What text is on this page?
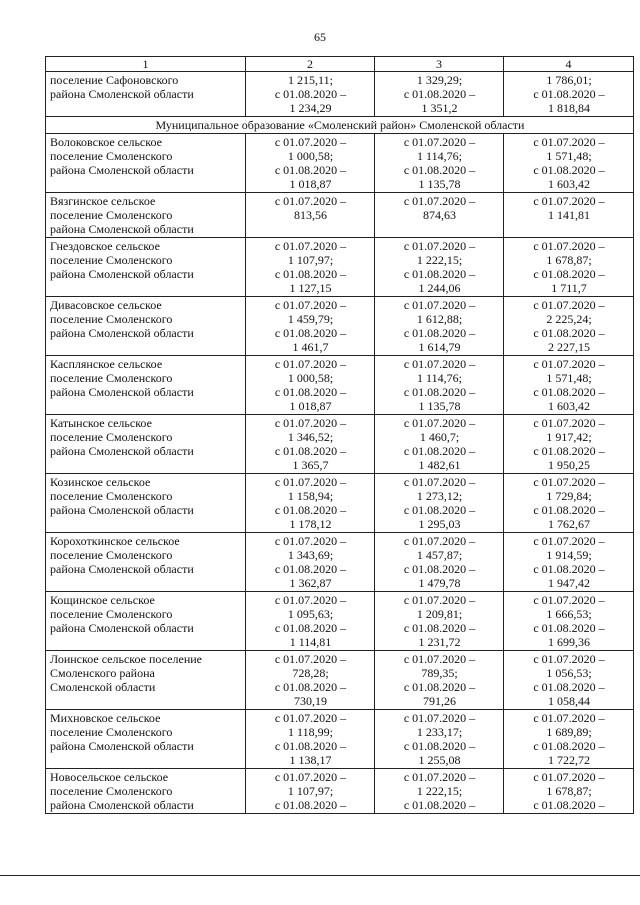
65
1	2	3	4

поселение Сафоновского
района Смоленской области	1 215,11;
с 01.08.2020 –
1 234,29	1 329,29;
с 01.08.2020 –
1 351,2	1 786,01;
с 01.08.2020 –
1 818,84

Муниципальное образование «Смоленский район» Смоленской области			

Волоковское сельское
поселение Смоленского
района Смоленской области	с 01.07.2020 –
1 000,58;
с 01.08.2020 –
1 018,87	с 01.07.2020 –
1 114,76;
с 01.08.2020 –
1 135,78	с 01.07.2020 –
1 571,48;
с 01.08.2020 –
1 603,42

Вязгинское сельское
поселение Смоленского
района Смоленской области	с 01.07.2020 –
813,56	с 01.07.2020 –
874,63	с 01.07.2020 –
1 141,81

Гнездовское сельское
поселение Смоленского
района Смоленской области	с 01.07.2020 –
1 107,97;
с 01.08.2020 –
1 127,15	с 01.07.2020 –
1 222,15;
с 01.08.2020 –
1 244,06	с 01.07.2020 –
1 678,87;
с 01.08.2020 –
1 711,7

Дивасовское сельское
поселение Смоленского
района Смоленской области	с 01.07.2020 –
1 459,79;
с 01.08.2020 –
1 461,7	с 01.07.2020 –
1 612,88;
с 01.08.2020 –
1 614,79	с 01.07.2020 –
2 225,24;
с 01.08.2020 –
2 227,15

Касплянское сельское
поселение Смоленского
района Смоленской области	с 01.07.2020 –
1 000,58;
с 01.08.2020 –
1 018,87	с 01.07.2020 –
1 114,76;
с 01.08.2020 –
1 135,78	с 01.07.2020 –
1 571,48;
с 01.08.2020 –
1 603,42

Катынское сельское
поселение Смоленского
района Смоленской области	с 01.07.2020 –
1 346,52;
с 01.08.2020 –
1 365,7	с 01.07.2020 –
1 460,7;
с 01.08.2020 –
1 482,61	с 01.07.2020 –
1 917,42;
с 01.08.2020 –
1 950,25

Козинское сельское
поселение Смоленского
района Смоленской области	с 01.07.2020 –
1 158,94;
с 01.08.2020 –
1 178,12	с 01.07.2020 –
1 273,12;
с 01.08.2020 –
1 295,03	с 01.07.2020 –
1 729,84;
с 01.08.2020 –
1 762,67

Корохоткинское сельское
поселение Смоленского
района Смоленской области	с 01.07.2020 –
1 343,69;
с 01.08.2020 –
1 362,87	с 01.07.2020 –
1 457,87;
с 01.08.2020 –
1 479,78	с 01.07.2020 –
1 914,59;
с 01.08.2020 –
1 947,42

Кощинское сельское
поселение Смоленского
района Смоленской области	с 01.07.2020 –
1 095,63;
с 01.08.2020 –
1 114,81	с 01.07.2020 –
1 209,81;
с 01.08.2020 –
1 231,72	с 01.07.2020 –
1 666,53;
с 01.08.2020 –
1 699,36

Лоинское сельское поселение
Смоленского района
Смоленской области	с 01.07.2020 –
728,28;
с 01.08.2020 –
730,19	с 01.07.2020 –
789,35;
с 01.08.2020 –
791,26	с 01.07.2020 –
1 056,53;
с 01.08.2020 –
1 058,44

Михновское сельское
поселение Смоленского
района Смоленской области	с 01.07.2020 –
1 118,99;
с 01.08.2020 –
1 138,17	с 01.07.2020 –
1 233,17;
с 01.08.2020 –
1 255,08	с 01.07.2020 –
1 689,89;
с 01.08.2020 –
1 722,72

Новосельское сельское
поселение Смоленского
района Смоленской области	с 01.07.2020 –
1 107,97;
с 01.08.2020 –	с 01.07.2020 –
1 222,15;
с 01.08.2020 –	с 01.07.2020 –
1 678,87;
с 01.08.2020 –
